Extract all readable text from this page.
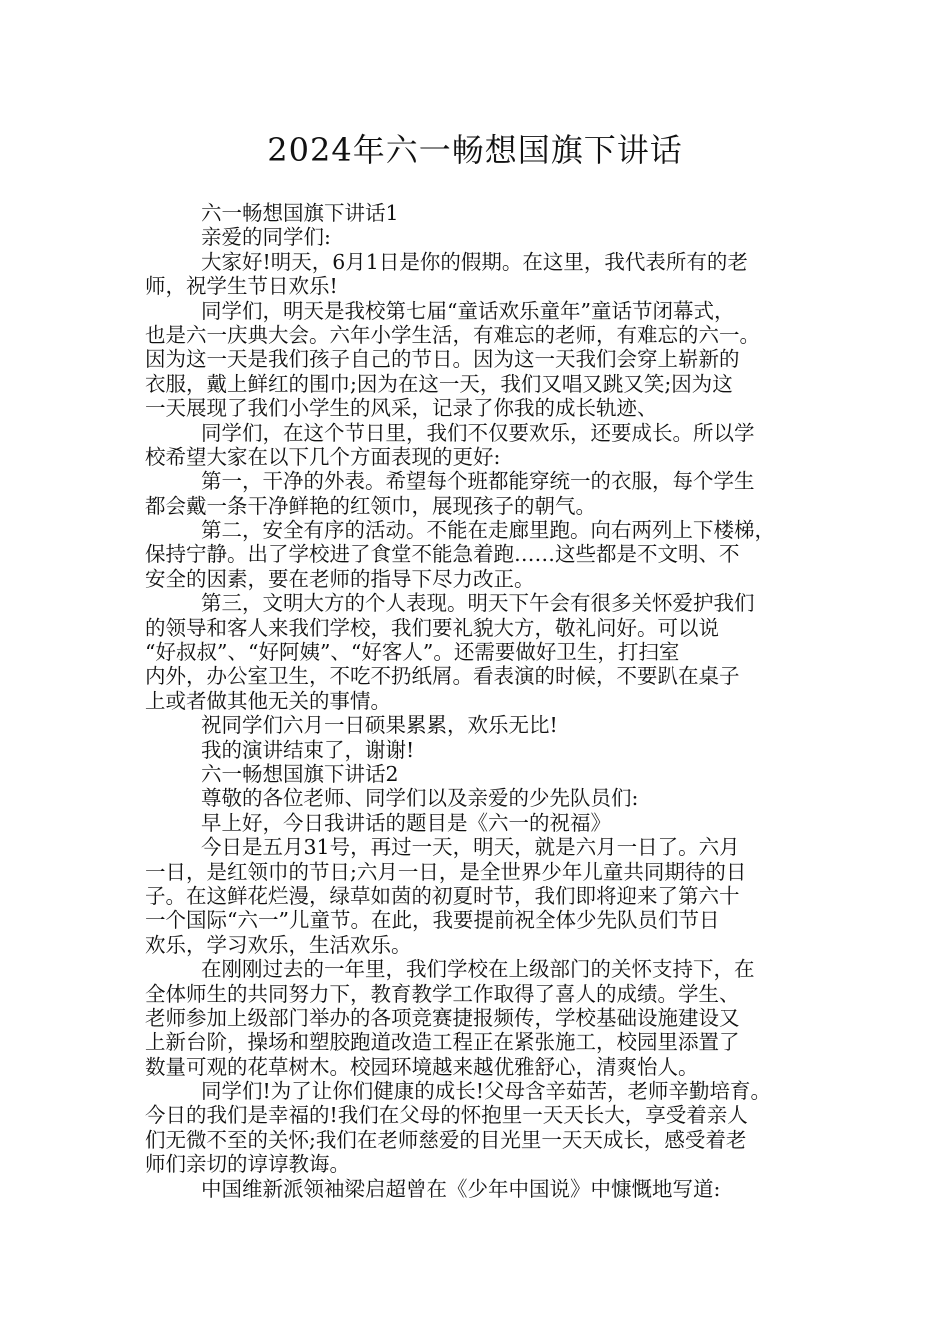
2024年六一畅想国旗下讲话
六一畅想国旗下讲话1
亲爱的同学们:
大家好!明天，6月1日是你的假期。在这里，我代表所有的老
师，祝学生节日欢乐!
同学们，明天是我校第七届“童话欢乐童年”童话节闭幕式，
也是六一庆典大会。六年小学生活，有难忘的老师，有难忘的六一。
因为这一天是我们孩子自己的节日。因为这一天我们会穿上崭新的
衣服，戴上鲜红的围巾;因为在这一天，我们又唱又跳又笑;因为这
一天展现了我们小学生的风采，记录了你我的成长轨迹、
同学们，在这个节日里，我们不仅要欢乐，还要成长。所以学
校希望大家在以下几个方面表现的更好:
第一，干净的外表。希望每个班都能穿统一的衣服，每个学生
都会戴一条干净鲜艳的红领巾，展现孩子的朝气。
第二，安全有序的活动。不能在走廊里跑。向右两列上下楼梯，
保持宁静。出了学校进了食堂不能急着跑……这些都是不文明、不
安全的因素，要在老师的指导下尽力改正。
第三，文明大方的个人表现。明天下午会有很多关怀爱护我们
的领导和客人来我们学校，我们要礼貌大方，敬礼问好。可以说
“好叔叔”、“好阿姨”、“好客人”。还需要做好卫生，打扫室
内外，办公室卫生，不吃不扔纸屑。看表演的时候，不要趴在桌子
上或者做其他无关的事情。
祝同学们六月一日硕果累累，欢乐无比!
我的演讲结束了，谢谢!
六一畅想国旗下讲话2
尊敬的各位老师、同学们以及亲爱的少先队员们:
早上好，今日我讲话的题目是《六一的祝福》
今日是五月31号，再过一天，明天，就是六月一日了。六月
一日，是红领巾的节日;六月一日，是全世界少年儿童共同期待的日
子。在这鲜花烂漫，绿草如茵的初夏时节，我们即将迎来了第六十
一个国际“六一”儿童节。在此，我要提前祝全体少先队员们节日
欢乐，学习欢乐，生活欢乐。
在刚刚过去的一年里，我们学校在上级部门的关怀支持下，在
全体师生的共同努力下，教育教学工作取得了喜人的成绩。学生、
老师参加上级部门举办的各项竞赛捷报频传，学校基础设施建设又
上新台阶，操场和塑胶跑道改造工程正在紧张施工，校园里添置了
数量可观的花草树木。校园环境越来越优雅舒心，清爽怡人。
同学们!为了让你们健康的成长!父母含辛茹苦，老师辛勤培育。
今日的我们是幸福的!我们在父母的怀抱里一天天长大，享受着亲人
们无微不至的关怀;我们在老师慈爱的目光里一天天成长，感受着老
师们亲切的谆谆教诲。
中国维新派领袖梁启超曾在《少年中国说》中慷慨地写道:
